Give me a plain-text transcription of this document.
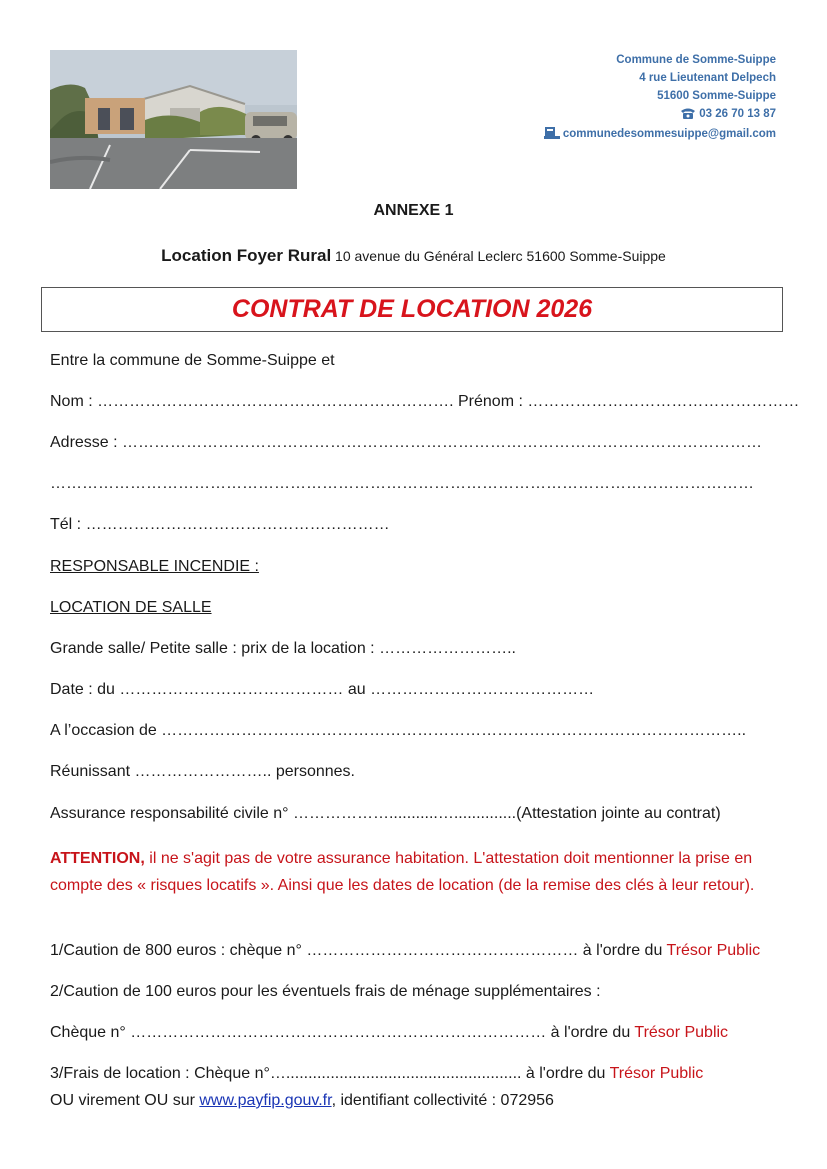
Commune de Somme-Suippe
4 rue Lieutenant Delpech
51600 Somme-Suippe
03 26 70 13 87
communedesommesuippe@gmail.com
ANNEXE 1
Location Foyer Rural 10 avenue du Général Leclerc 51600 Somme-Suippe
CONTRAT DE LOCATION 2026
Entre la commune de Somme-Suippe et
Nom : …………………………………………………………. Prénom : ……………………………………………
Adresse : …………………………………………………………………………………………………………
……………………………………………………………………………………………………………………
Tél : …………………………………………………
RESPONSABLE INCENDIE :
LOCATION DE SALLE
Grande salle/ Petite salle : prix de la location : ……………………..
Date : du …………………………………… au ……………………………………
A l’occasion de ………………………………………………………………………………………………..
Réunissant …………………….. personnes.
Assurance responsabilité civile n° ………………...........…..............(Attestation jointe au contrat)
ATTENTION, il ne s'agit pas de votre assurance habitation. L'attestation doit mentionner la prise en compte des « risques locatifs ». Ainsi que les dates de location (de la remise des clés à leur retour).
1/Caution de 800 euros : chèque n° …………………………………………… à l'ordre du Trésor Public
2/Caution de 100 euros pour les éventuels frais de ménage supplémentaires :
Chèque n° …………………………………………………………………… à l'ordre du Trésor Public
3/Frais de location : Chèque n°…..................................................... à l'ordre du Trésor Public
OU virement OU sur www.payfip.gouv.fr, identifiant collectivité : 072956
